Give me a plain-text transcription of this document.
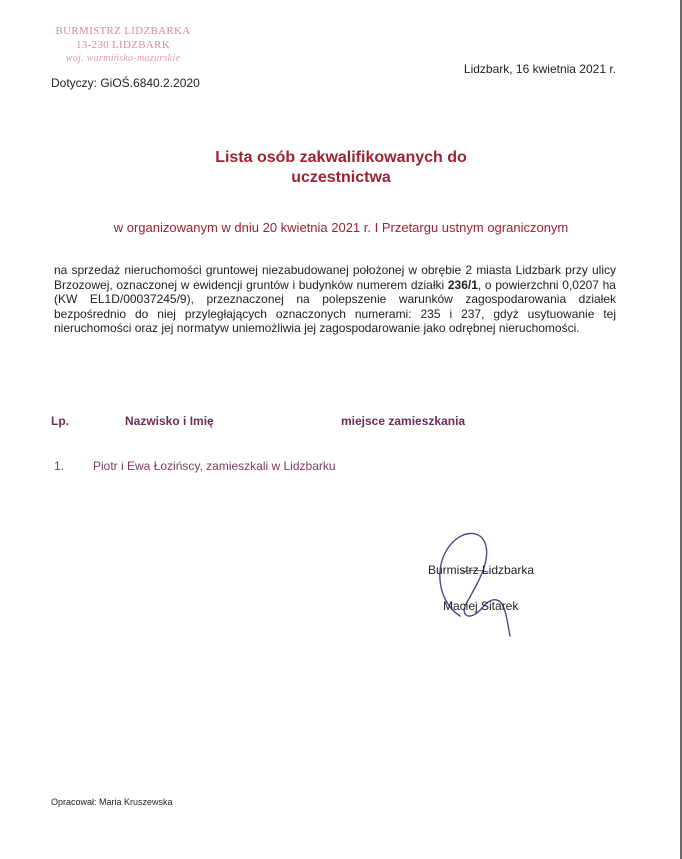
BURMISTRZ LIDZBARKA
13-230 LIDZBARK
woj. warmińsko-mazurskie
Lidzbark, 16 kwietnia 2021 r.
Dotyczy: GiOŚ.6840.2.2020
Lista osób zakwalifikowanych do
uczestnictwa
w organizowanym w dniu 20 kwietnia 2021 r. I Przetargu ustnym ograniczonym
na sprzedaż nieruchomości gruntowej niezabudowanej położonej w obrębie 2 miasta Lidzbark przy ulicy Brzozowej, oznaczonej w ewidencji gruntów i budynków numerem działki 236/1, o powierzchni 0,0207 ha (KW EL1D/00037245/9), przeznaczonej na polepszenie warunków zagospodarowania działek bezpośrednio do niej przyległających oznaczonych numerami: 235 i 237, gdyż usytuowanie tej nieruchomości oraz jej normatyw uniemożliwia jej zagospodarowanie jako odrębnej nieruchomości.
Lp.	Nazwisko i Imię	miejsce zamieszkania
1. Piotr i Ewa Łozińscy, zamieszkali w Lidzbarku
Burmistrz Lidzbarka
Maciej Sitarek
Opracował: Maria Kruszewska
